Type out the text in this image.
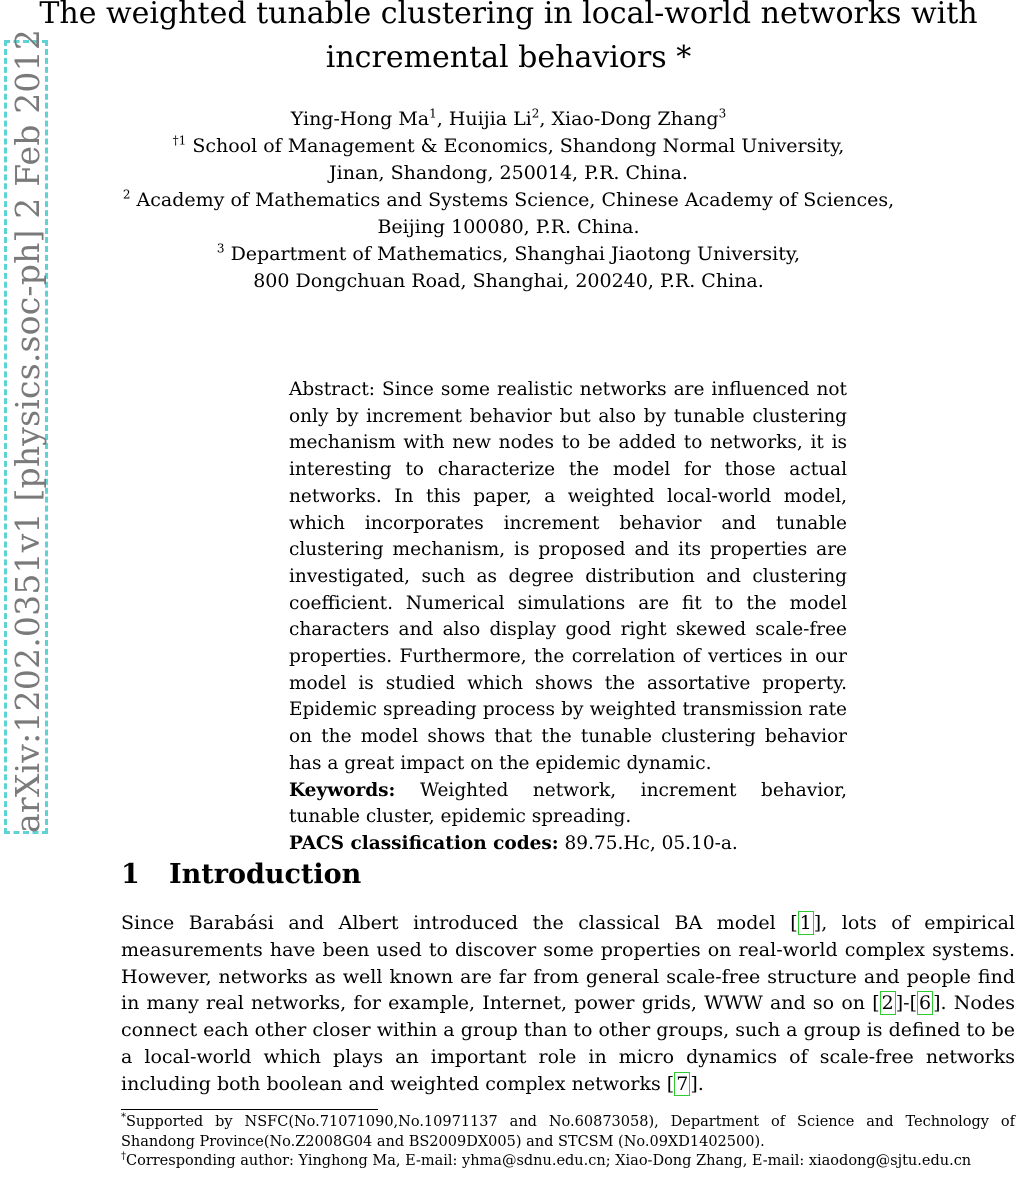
arXiv:1202.0351v1 [physics.soc-ph] 2 Feb 2012
The weighted tunable clustering in local-world networks with
incremental behaviors *
Ying-Hong Ma$^1$, Huijia Li$^2$, Xiao-Dong Zhang$^3$
$^{\dagger 1}$ School of Management & Economics, Shandong Normal University,
Jinan, Shandong, 250014, P.R. China.
$^2$ Academy of Mathematics and Systems Science, Chinese Academy of Sciences,
Beijing 100080, P.R. China.
$^3$ Department of Mathematics, Shanghai Jiaotong University,
800 Dongchuan Road, Shanghai, 200240, P.R. China.

Abstract: Since some realistic networks are influenced not only by increment behavior but also by tunable clustering mechanism with new nodes to be added to networks, it is interesting to characterize the model for those actual networks. In this paper, a weighted local-world model, which incorporates increment behavior and tunable clustering mechanism, is proposed and its properties are investigated, such as degree distribution and clustering coefficient. Numerical simulations are fit to the model characters and also display good right skewed scale-free properties. Furthermore, the correlation of vertices in our model is studied which shows the assortative property. Epidemic spreading process by weighted transmission rate on the model shows that the tunable clustering behavior has a great impact on the epidemic dynamic.

Keywords: Weighted network, increment behavior, tunable cluster, epidemic spreading.

PACS classification codes: 89.75.Hc, 05.10-a.

1 Introduction

Since Barabási and Albert introduced the classical BA model [ 1 ], lots of empirical measurements have been used to discover some properties on real-world complex systems. However, networks as well known are far from general scale-free structure and people find in many real networks, for example, Internet, power grids, WWW and so on [ 2 ]-[ 6 ]. Nodes connect each other closer within a group than to other groups, such a group is defined to be a local-world which plays an important role in micro dynamics of scale-free networks including both boolean and weighted complex networks [ 7 ].

*Supported by NSFC(No.71071090,No.10971137 and No.60873058), Department of Science and Technology of Shandong Province(No.Z2008G04 and BS2009DX005) and STCSM (No.09XD1402500).

†Corresponding author: Yinghong Ma, E-mail: yhma@sdnu.edu.cn; Xiao-Dong Zhang, E-mail: xiaodong@sjtu.edu.cn
